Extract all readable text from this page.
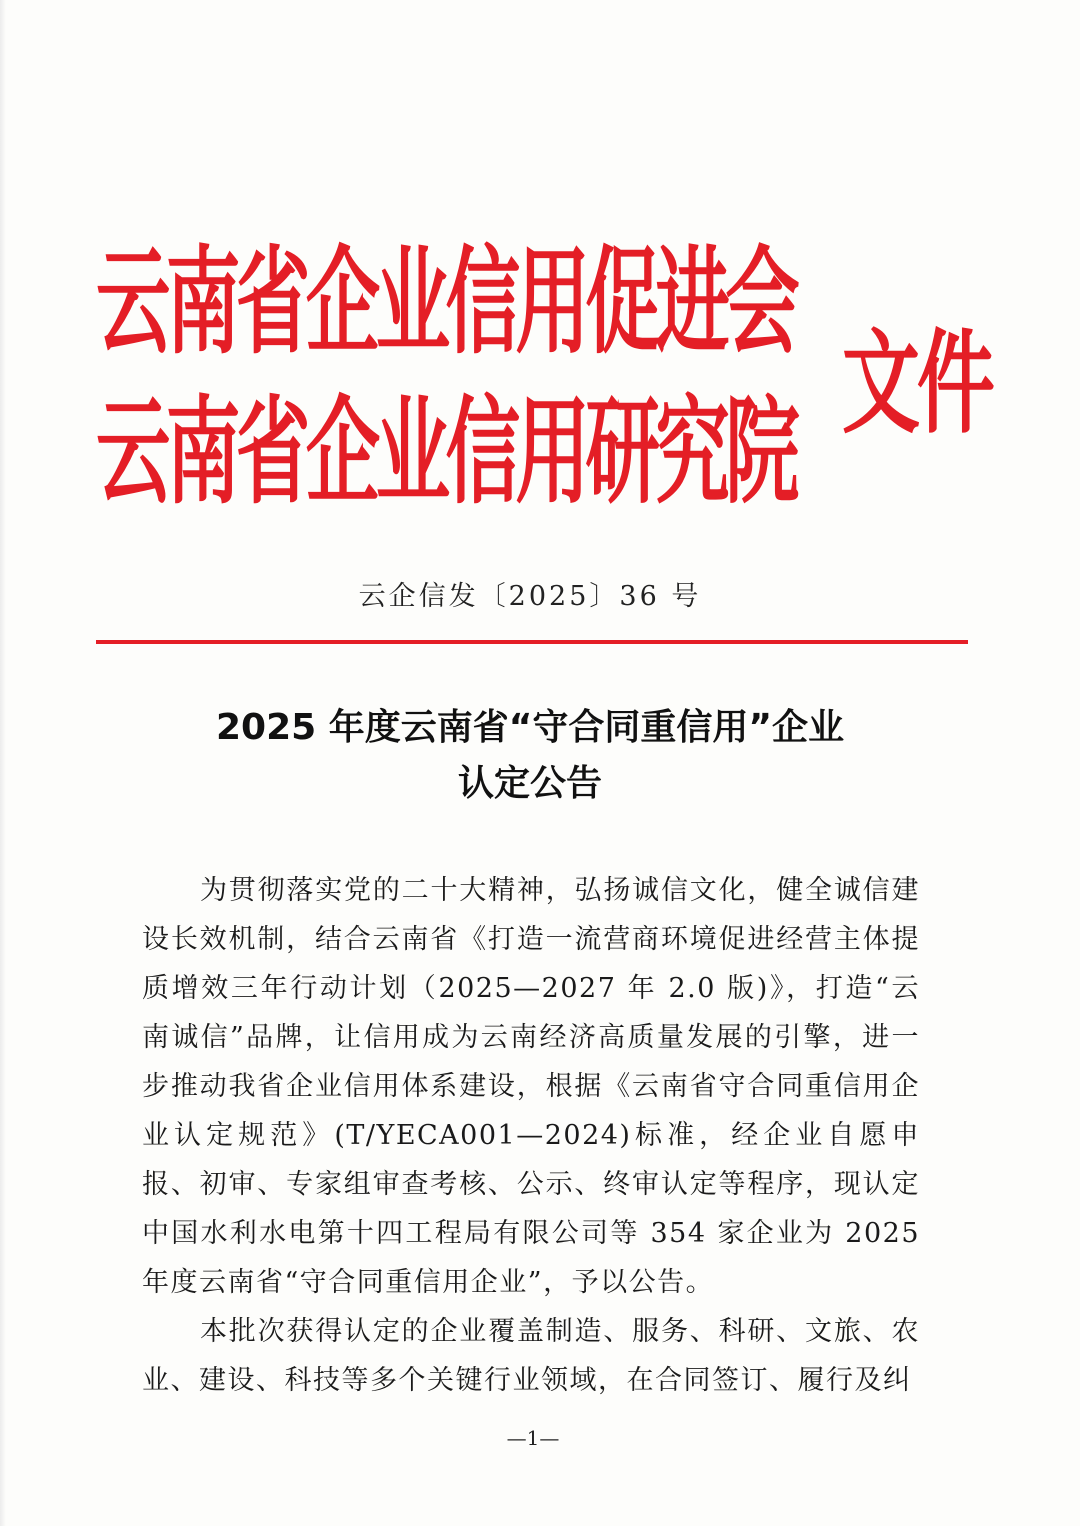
云南省企业信用促进会
云南省企业信用研究院
文件
云企信发〔2025〕36 号
2025 年度云南省“守合同重信用”企业
认定公告

为贯彻落实党的二十大精神，弘扬诚信文化，健全诚信建设长效机制，结合云南省《打造一流营商环境促进经营主体提质增效三年行动计划（2025—2027 年 2.0 版)》，打造“云南诚信”品牌，让信用成为云南经济高质量发展的引擎，进一步推动我省企业信用体系建设，根据《云南省守合同重信用企业认定规范》(T/YECA001—2024)标准，经企业自愿申报、初审、专家组审查考核、公示、终审认定等程序，现认定中国水利水电第十四工程局有限公司等 354 家企业为 2025 年度云南省“守合同重信用企业”，予以公告。

本批次获得认定的企业覆盖制造、服务、科研、文旅、农业、建设、科技等多个关键行业领域，在合同签订、履行及纠

—1—
